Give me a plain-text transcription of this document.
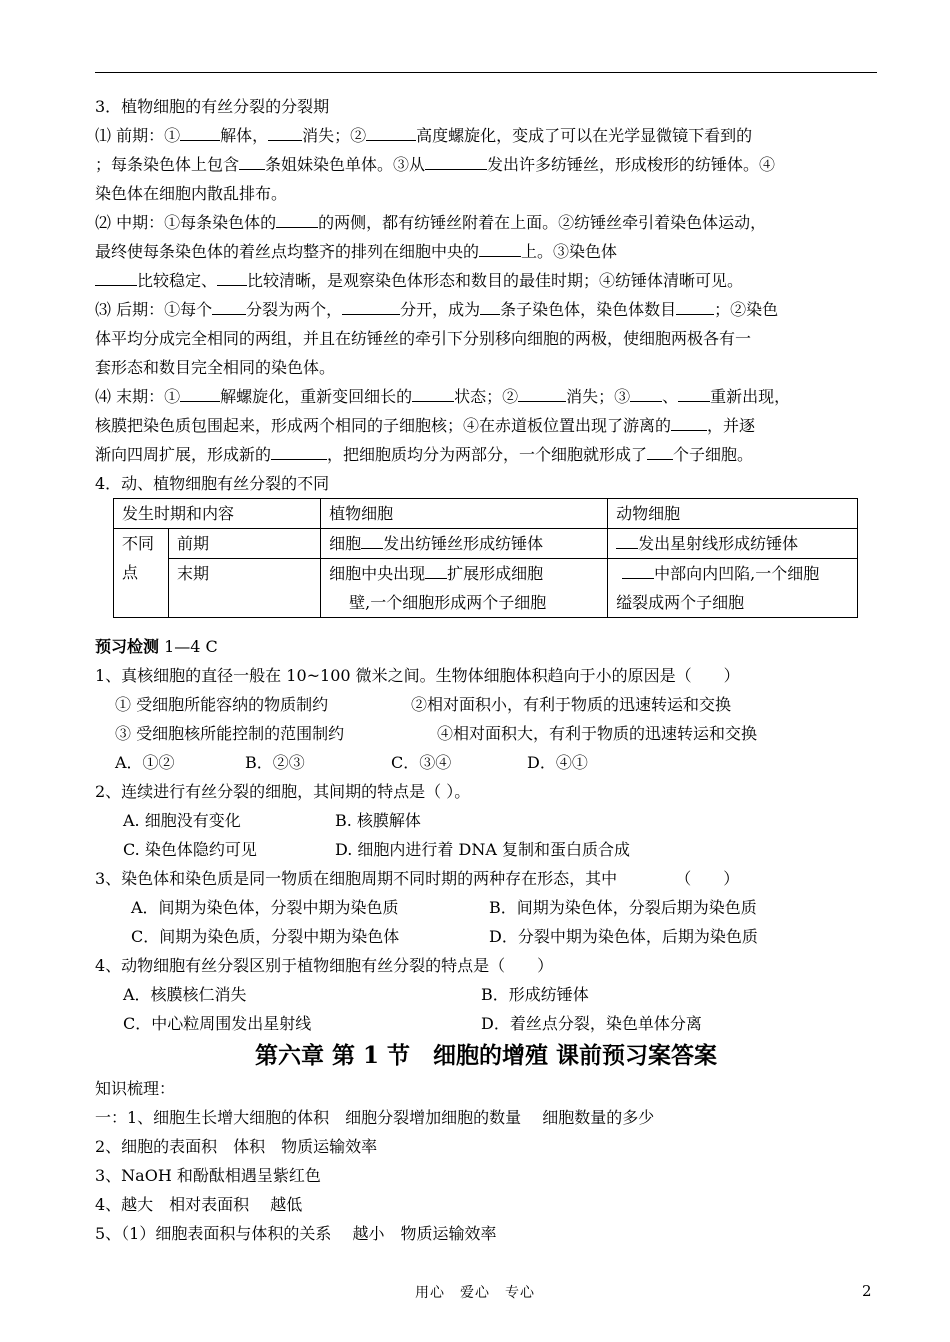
3．植物细胞的有丝分裂的分裂期

⑴ 前期：①	解体， 消失；②	高度螺旋化，变成了可以在光学显微镜下看到的
；每条染色体上包含 条姐妹染色单体。③从	发出许多纺锤丝，形成梭形的纺锤体。④
染色体在细胞内散乱排布。

⑵ 中期：①每条染色体的	的两侧，都有纺锤丝附着在上面。②纺锤丝牵引着染色体运动，
最终使每条染色体的着丝点均整齐的排列在细胞中央的	上。③染色体
比较稳定、 比较清晰，是观察染色体形态和数目的最佳时期；④纺锤体清晰可见。

⑶ 后期：①每个 分裂为两个，	分开，成为 条子染色体，染色体数目 ；②染色
体平均分成完全相同的两组，并且在纺锤丝的牵引下分别移向细胞的两极，使细胞两极各有一
套形态和数目完全相同的染色体。

⑷ 末期：①	解螺旋化，重新变回细长的	状态；②	消失；③ 、 重新出现，
核膜把染色质包围起来，形成两个相同的子细胞核；④在赤道板位置出现了游离的 ，并逐
渐向四周扩展，形成新的	，把细胞质均分为两部分，一个细胞就形成了 个子细胞。

4．动、植物细胞有丝分裂的不同

发生时期和内容		植物细胞	动物细胞
不同
点	前期	细胞 发出纺锤丝形成纺锤体	发出星射线形成纺锤体
	末期	细胞中央出现 扩展形成细胞
壁,一个细胞形成两个子细胞	中部向内凹陷,一个细胞
缢裂成两个子细胞

预习检测 1—4 C

1、真核细胞的直径一般在 10~100 微米之间。生物体细胞体积趋向于小的原因是（　　）

① 受细胞所能容纳的物质制约	②相对面积小，有利于物质的迅速转运和交换
③ 受细胞核所能控制的范围制约	④相对面积大，有利于物质的迅速转运和交换
A．①②	B．②③	C．③④	D．④①

2、连续进行有丝分裂的细胞，其间期的特点是（ ）。

A. 细胞没有变化	B. 核膜解体
C. 染色体隐约可见	D. 细胞内进行着 DNA 复制和蛋白质合成

3、染色体和染色质是同一物质在细胞周期不同时期的两种存在形态，其中	（　　）

A．间期为染色体，分裂中期为染色质	B．间期为染色体，分裂后期为染色质
C．间期为染色质，分裂中期为染色体	D．分裂中期为染色体，后期为染色质

4、动物细胞有丝分裂区别于植物细胞有丝分裂的特点是（　　）

A．核膜核仁消失	B．形成纺锤体
C．中心粒周围发出星射线	D．着丝点分裂，染色单体分离

第六章 第 1 节　细胞的增殖 课前预习案答案

知识梳理：

一：1、细胞生长增大细胞的体积　细胞分裂增加细胞的数量　 细胞数量的多少

2、细胞的表面积　体积　物质运输效率

3、NaOH 和酚酞相遇呈紫红色

4、越大　相对表面积　 越低

5、（1）细胞表面积与体积的关系　 越小　物质运输效率

用心　爱心　专心	2
